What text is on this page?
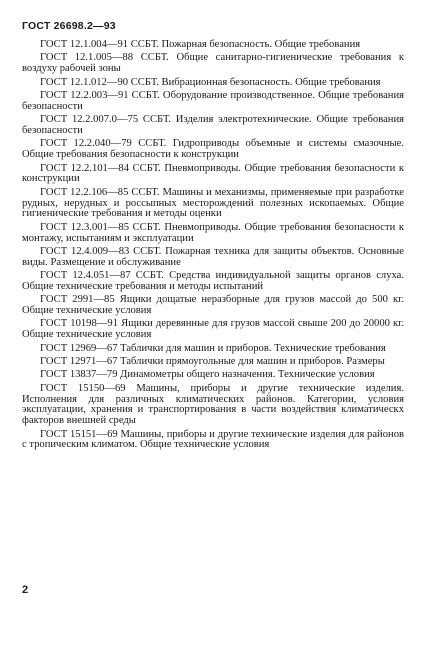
ГОСТ 26698.2—93

ГОСТ 12.1.004—91 ССБТ. Пожарная безопасность. Общие требования

ГОСТ 12.1.005—88 ССБТ. Общие санитарно-гигиенические требования к воздуху рабочей зоны

ГОСТ 12.1.012—90 ССБТ. Вибрационная безопасность. Общие требования

ГОСТ 12.2.003—91 ССБТ. Оборудование производственное. Общие требования безопасности

ГОСТ 12.2.007.0—75 ССБТ. Изделия электротехнические. Общие требования безопасности

ГОСТ 12.2.040—79 ССБТ. Гидроприводы объемные и системы смазочные. Общие требования безопасности к конструкции

ГОСТ 12.2.101—84 ССБТ. Пневмоприводы. Общие требования безопасности к конструкции

ГОСТ 12.2.106—85 ССБТ. Машины и механизмы, применяемые при разработке рудных, нерудных и россыпных месторождений полезных ископаемых. Общие гигиенические требования и методы оценки

ГОСТ 12.3.001—85 ССБТ. Пневмоприводы. Общие требования безопасности к монтажу, испытаниям и эксплуатации

ГОСТ 12.4.009—83 ССБТ. Пожарная техника для защиты объектов. Основные виды. Размещение и обслуживание

ГОСТ 12.4.051—87 ССБТ. Средства индивидуальной защиты органов слуха. Общие технические требования и методы испытаний

ГОСТ 2991—85 Ящики дощатые неразборные для грузов массой до 500 кг. Общие технические условия

ГОСТ 10198—91 Ящики деревянные для грузов массой свыше 200 до 20000 кг. Общие технические условия

ГОСТ 12969—67 Таблички для машин и приборов. Технические требования

ГОСТ 12971—67 Таблички прямоугольные для машин и приборов. Размеры

ГОСТ 13837—79 Динамометры общего назначения. Технические условия

ГОСТ 15150—69 Машины, приборы и другие технические изделия. Исполнения для различных климатических районов. Категории, условия эксплуатации, хранения и транспортирования в части воздействия климатическх факторов внешней среды

ГОСТ 15151—69 Машины, приборы и другие технические изделия для районов с тропическим климатом. Общие технические условия

2
